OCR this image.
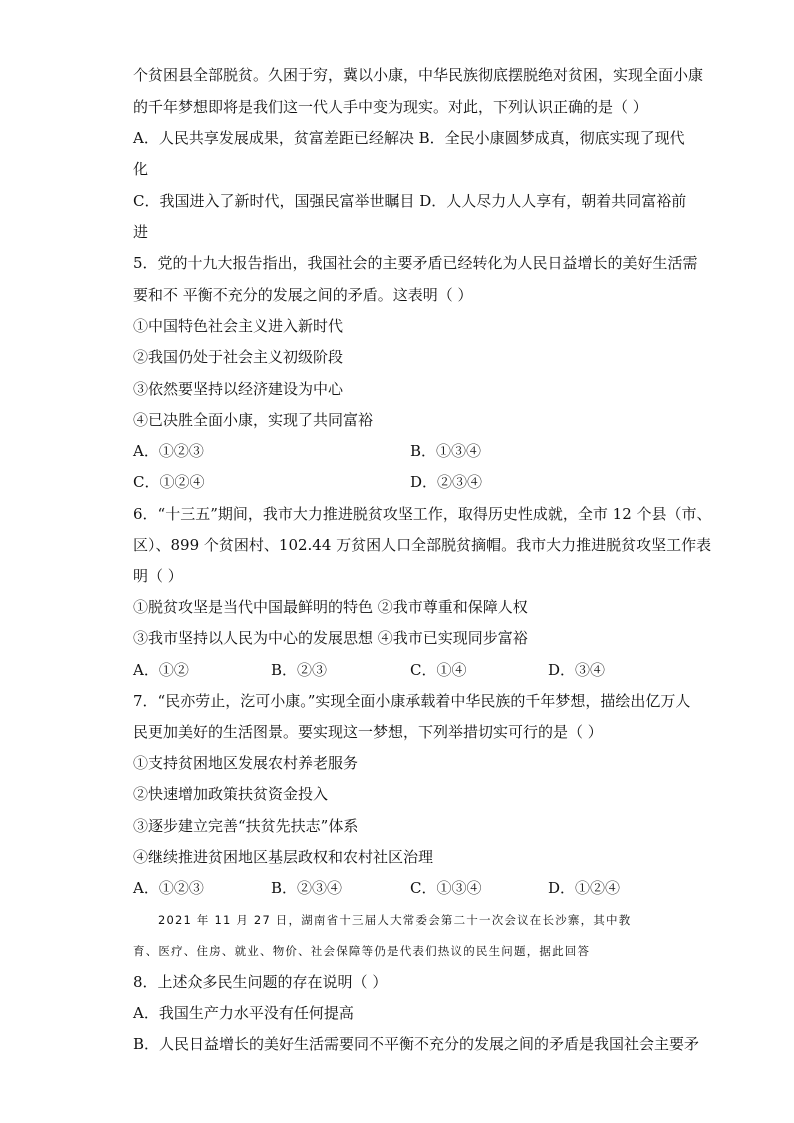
个贫困县全部脱贫。久困于穷，冀以小康，中华民族彻底摆脱绝对贫困，实现全面小康
的千年梦想即将是我们这一代人手中变为现实。对此，下列认识正确的是（ ）
A．人民共享发展成果，贫富差距已经解决 B．全民小康圆梦成真，彻底实现了现代
化
C．我国进入了新时代，国强民富举世瞩目 D．人人尽力人人享有，朝着共同富裕前
进
5．党的十九大报告指出，我国社会的主要矛盾已经转化为人民日益增长的美好生活需
要和不 平衡不充分的发展之间的矛盾。这表明（ ）
①中国特色社会主义进入新时代
②我国仍处于社会主义初级阶段
③依然要坚持以经济建设为中心
④已决胜全面小康，实现了共同富裕
A．①②③	B．①③④
C．①②④	D．②③④
6．“十三五”期间，我市大力推进脱贫攻坚工作，取得历史性成就，全市 12 个县（市、
区）、899 个贫困村、102.44 万贫困人口全部脱贫摘帽。我市大力推进脱贫攻坚工作表
明（ ）
①脱贫攻坚是当代中国最鲜明的特色 ②我市尊重和保障人权
③我市坚持以人民为中心的发展思想 ④我市已实现同步富裕
A．①②	B．②③	C．①④	D．③④
7．“民亦劳止，汔可小康。”实现全面小康承载着中华民族的千年梦想，描绘出亿万人
民更加美好的生活图景。要实现这一梦想，下列举措切实可行的是（ ）
①支持贫困地区发展农村养老服务
②快速增加政策扶贫资金投入
③逐步建立完善“扶贫先扶志”体系
④继续推进贫困地区基层政权和农村社区治理
A．①②③	B．②③④	C．①③④	D．①②④
2021 年 11 月 27 日，湖南省十三届人大常委会第二十一次会议在长沙寨，其中教
育、医疗、住房、就业、物价、社会保障等仍是代表们热议的民生问题，据此回答
8．上述众多民生问题的存在说明（ ）
A．我国生产力水平没有任何提高
B．人民日益增长的美好生活需要同不平衡不充分的发展之间的矛盾是我国社会主要矛
